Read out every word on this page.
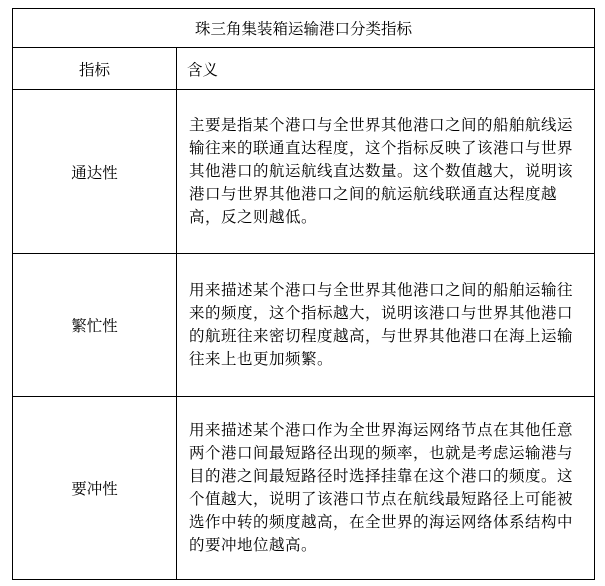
珠三角集装箱运输港口分类指标
指标	含义
通达性
主要是指某个港口与全世界其他港口之间的船舶航线运输往来的联通直达程度，这个指标反映了该港口与世界其他港口的航运航线直达数量。这个数值越大，说明该港口与世界其他港口之间的航运航线联通直达程度越高，反之则越低。
繁忙性
用来描述某个港口与全世界其他港口之间的船舶运输往来的频度，这个指标越大，说明该港口与世界其他港口的航班往来密切程度越高，与世界其他港口在海上运输往来上也更加频繁。
要冲性
用来描述某个港口作为全世界海运网络节点在其他任意两个港口间最短路径出现的频率，也就是考虑运输港与目的港之间最短路径时选择挂靠在这个港口的频度。这个值越大，说明了该港口节点在航线最短路径上可能被选作中转的频度越高，在全世界的海运网络体系结构中的要冲地位越高。
